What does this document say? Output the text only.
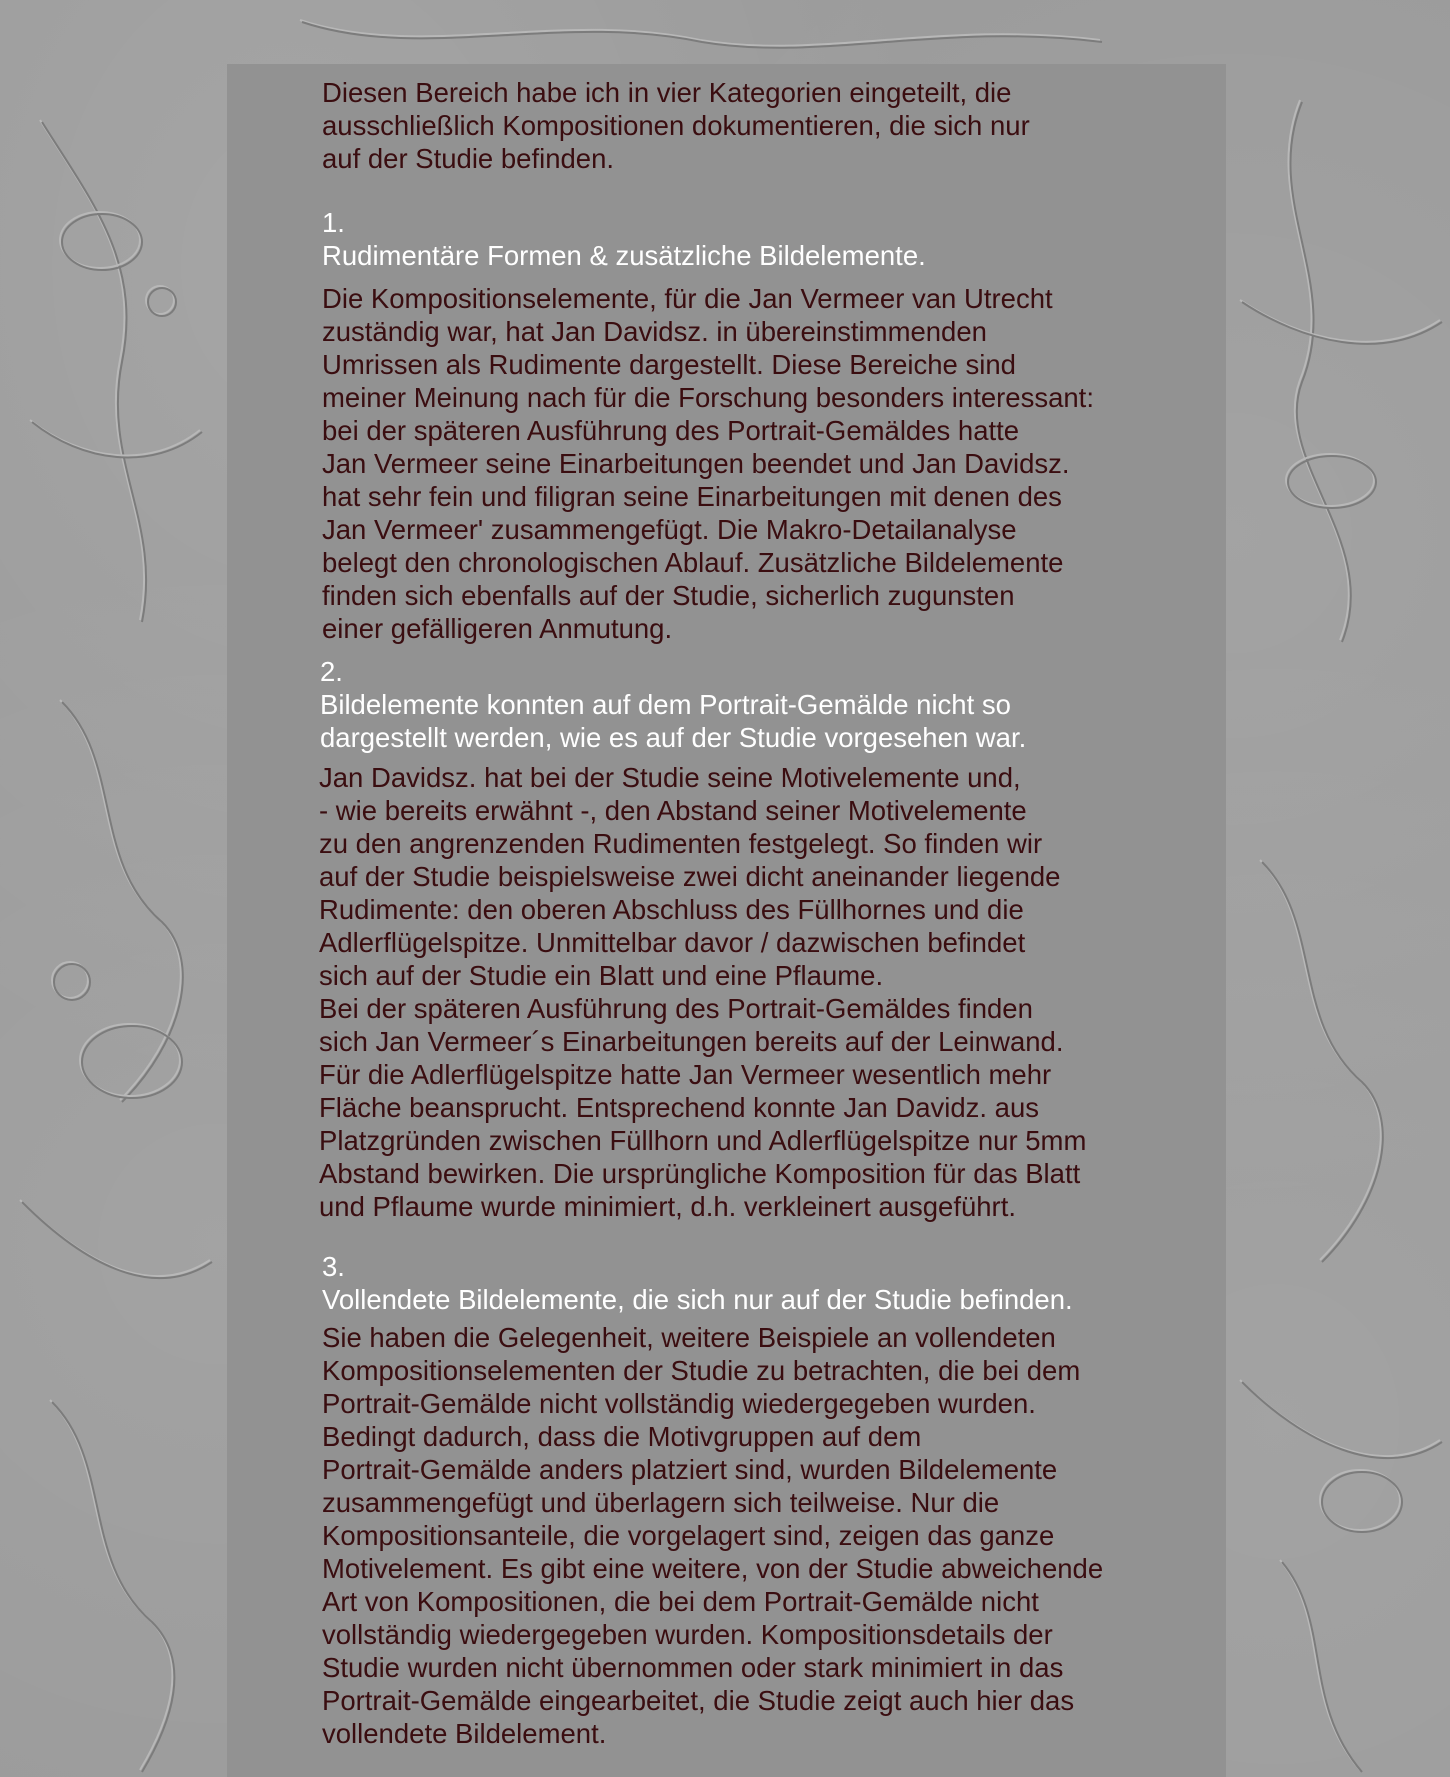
Diesen Bereich habe ich in vier Kategorien eingeteilt, die
ausschließlich Kompositionen dokumentieren, die sich nur
auf der Studie befinden.
1.
Rudimentäre Formen & zusätzliche Bildelemente.
Die Kompositionselemente, für die Jan Vermeer van Utrecht
zuständig war, hat Jan Davidsz. in übereinstimmenden
Umrissen als Rudimente dargestellt. Diese Bereiche sind
meiner Meinung nach für die Forschung besonders interessant:
bei der späteren Ausführung des Portrait-Gemäldes hatte
Jan Vermeer seine Einarbeitungen beendet und Jan Davidsz.
hat sehr fein und filigran seine Einarbeitungen mit denen des
Jan Vermeer' zusammengefügt. Die Makro-Detailanalyse
belegt den chronologischen Ablauf. Zusätzliche Bildelemente
finden sich ebenfalls auf der Studie, sicherlich zugunsten
einer gefälligeren Anmutung.
2.
Bildelemente konnten auf dem Portrait-Gemälde nicht so
dargestellt werden, wie es auf der Studie vorgesehen war.
Jan Davidsz. hat bei der Studie seine Motivelemente und,
- wie bereits erwähnt -, den Abstand seiner Motivelemente
zu den angrenzenden Rudimenten festgelegt. So finden wir
auf der Studie beispielsweise zwei dicht aneinander liegende
Rudimente: den oberen Abschluss des Füllhornes und die
Adlerflügelspitze. Unmittelbar davor / dazwischen befindet
sich auf der Studie ein Blatt und eine Pflaume.
Bei der späteren Ausführung des Portrait-Gemäldes finden
sich Jan Vermeer´s Einarbeitungen bereits auf der Leinwand.
Für die Adlerflügelspitze hatte Jan Vermeer wesentlich mehr
Fläche beansprucht. Entsprechend konnte Jan Davidz. aus
Platzgründen zwischen Füllhorn und Adlerflügelspitze nur 5mm
Abstand bewirken. Die ursprüngliche Komposition für das Blatt
und Pflaume wurde minimiert, d.h. verkleinert ausgeführt.
3.
Vollendete Bildelemente, die sich nur auf der Studie befinden.
Sie haben die Gelegenheit, weitere Beispiele an vollendeten
Kompositionselementen der Studie zu betrachten, die bei dem
Portrait-Gemälde nicht vollständig wiedergegeben wurden.
Bedingt dadurch, dass die Motivgruppen auf dem
Portrait-Gemälde anders platziert sind, wurden Bildelemente
zusammengefügt und überlagern sich teilweise. Nur die
Kompositionsanteile, die vorgelagert sind, zeigen das ganze
Motivelement. Es gibt eine weitere, von der Studie abweichende
Art von Kompositionen, die bei dem Portrait-Gemälde nicht
vollständig wiedergegeben wurden. Kompositionsdetails der
Studie wurden nicht übernommen oder stark minimiert in das
Portrait-Gemälde eingearbeitet, die Studie zeigt auch hier das
vollendete Bildelement.
